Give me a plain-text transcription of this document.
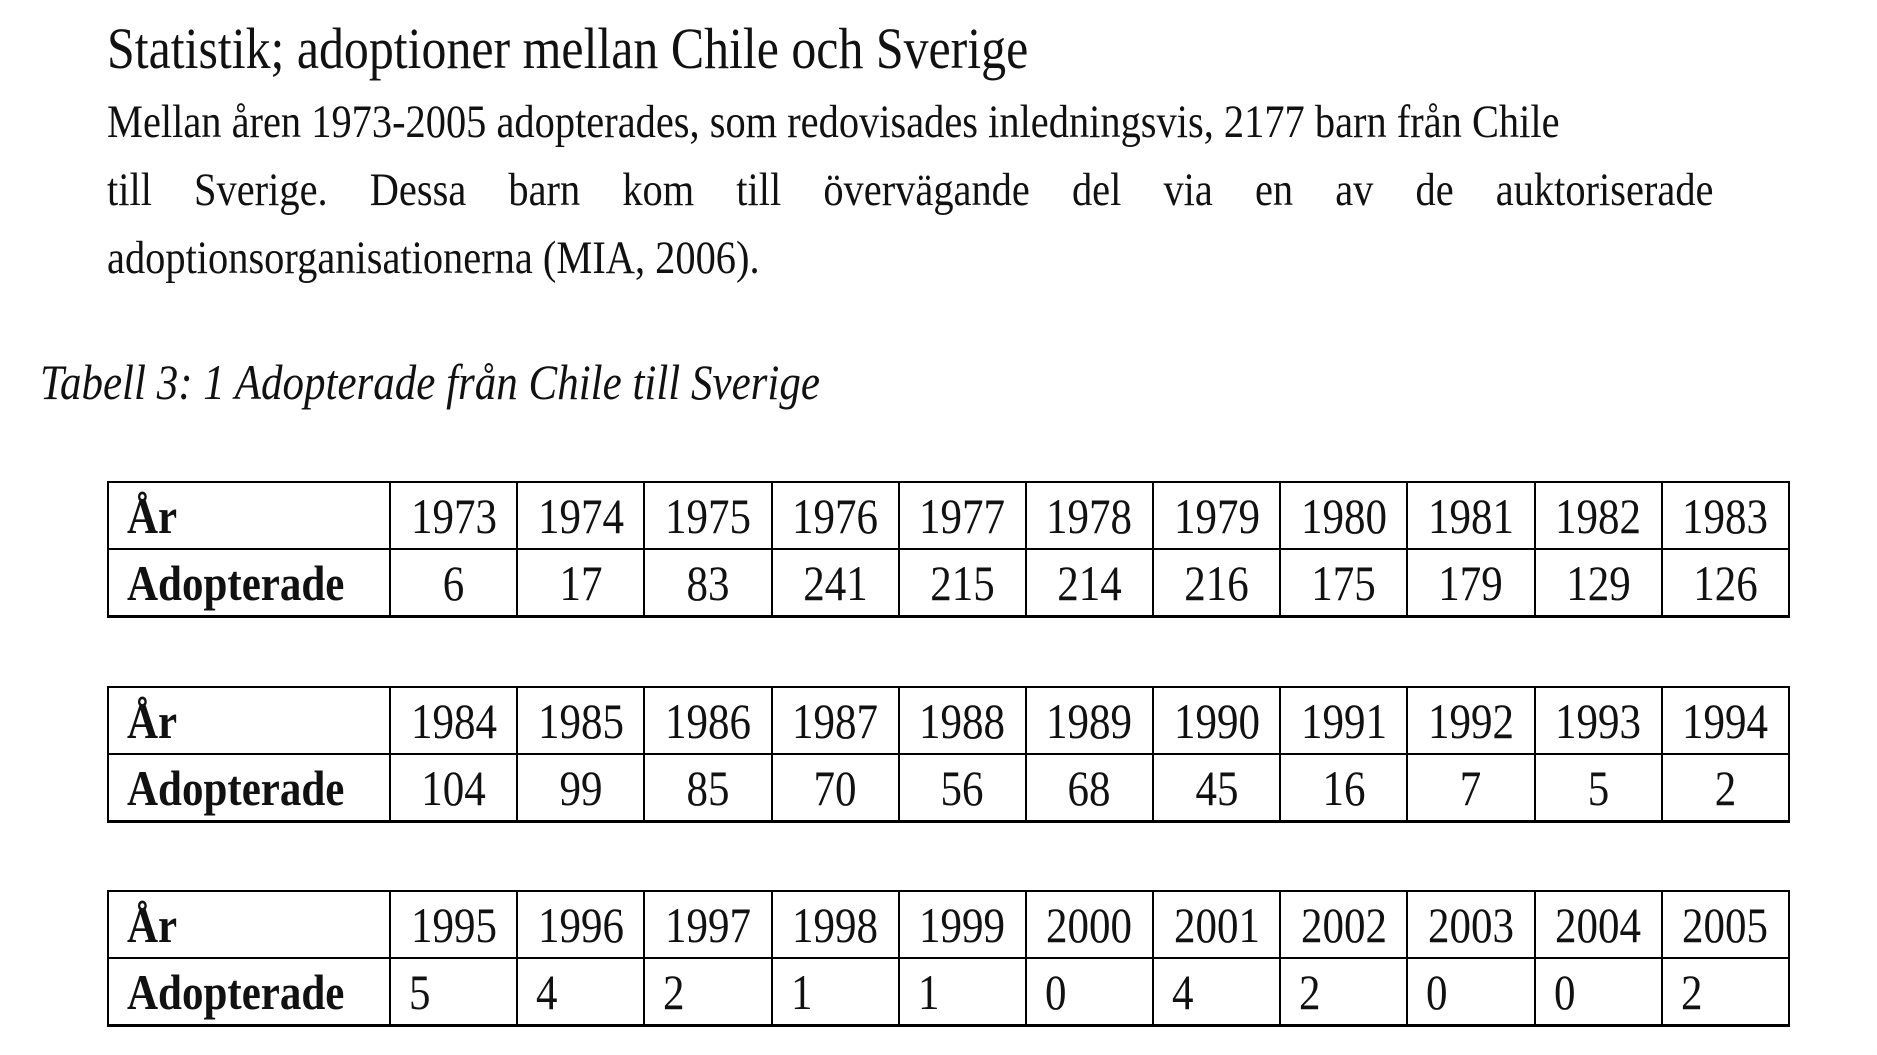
Statistik; adoptioner mellan Chile och Sverige
Mellan åren 1973-2005 adopterades, som redovisades inledningsvis, 2177 barn från Chile
till Sverige. Dessa barn kom till övervägande del via en av de auktoriserade
adoptionsorganisationerna (MIA, 2006).
Tabell 3: 1 Adopterade från Chile till Sverige
År	1973	1974	1975	1976	1977	1978	1979	1980	1981	1982	1983
Adopterade	6	17	83	241	215	214	216	175	179	129	126
År	1984	1985	1986	1987	1988	1989	1990	1991	1992	1993	1994
Adopterade	104	99	85	70	56	68	45	16	7	5	2
År	1995	1996	1997	1998	1999	2000	2001	2002	2003	2004	2005
Adopterade	5	4	2	1	1	0	4	2	0	0	2
